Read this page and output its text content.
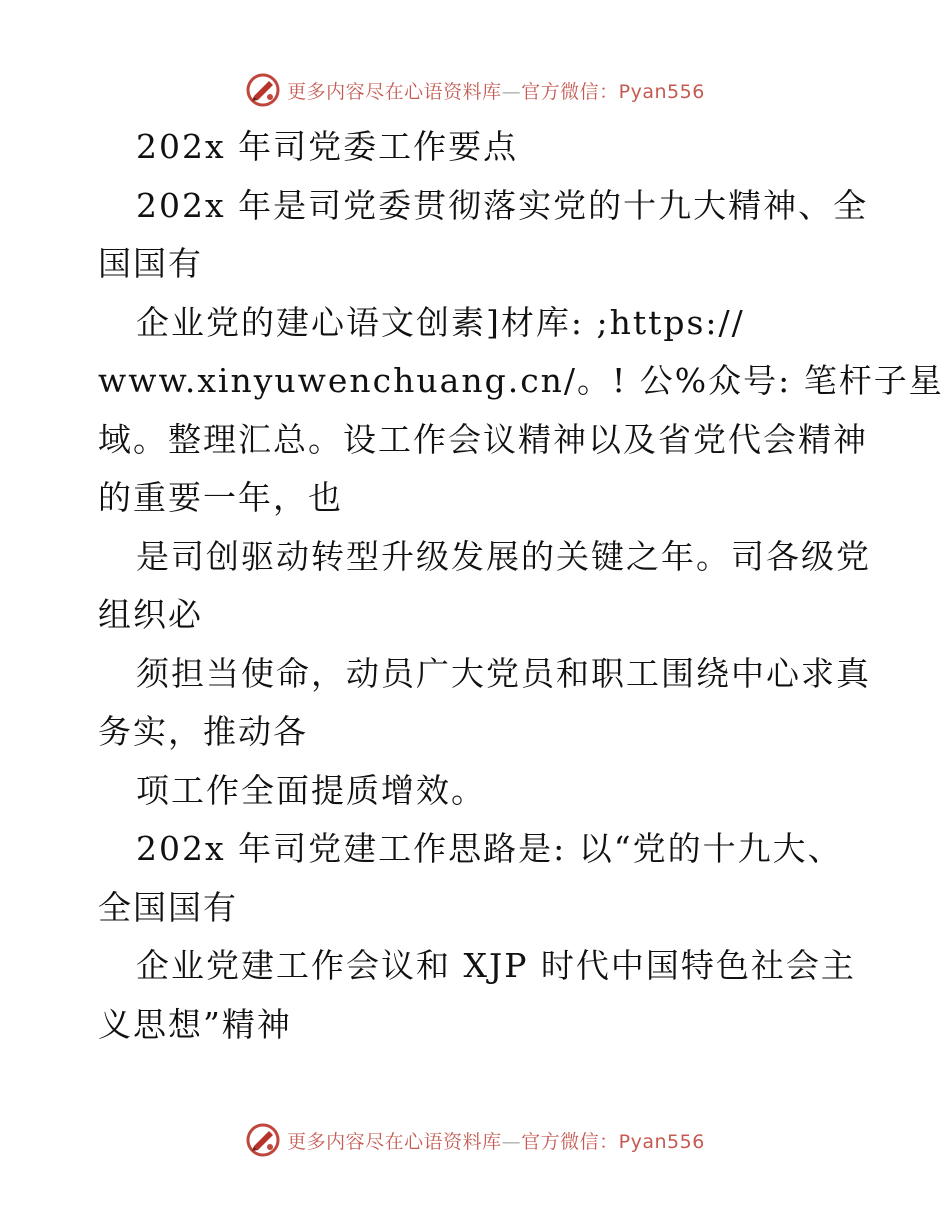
更多内容尽在心语资料库—官方微信：Pyan556
202x 年司党委工作要点
202x 年是司党委贯彻落实党的十九大精神、全
国国有
企业党的建心语文创素]材库: ;https://
www.xinyuwenchuang.cn/。! 公%众号: 笔杆子星
域。整理汇总。设工作会议精神以及省党代会精神
的重要一年，也
是司创驱动转型升级发展的关键之年。司各级党
组织必
须担当使命，动员广大党员和职工围绕中心求真
务实，推动各
项工作全面提质增效。
202x 年司党建工作思路是: 以“党的十九大、
全国国有
企业党建工作会议和 XJP 时代中国特色社会主
义思想”精神
更多内容尽在心语资料库—官方微信：Pyan556
